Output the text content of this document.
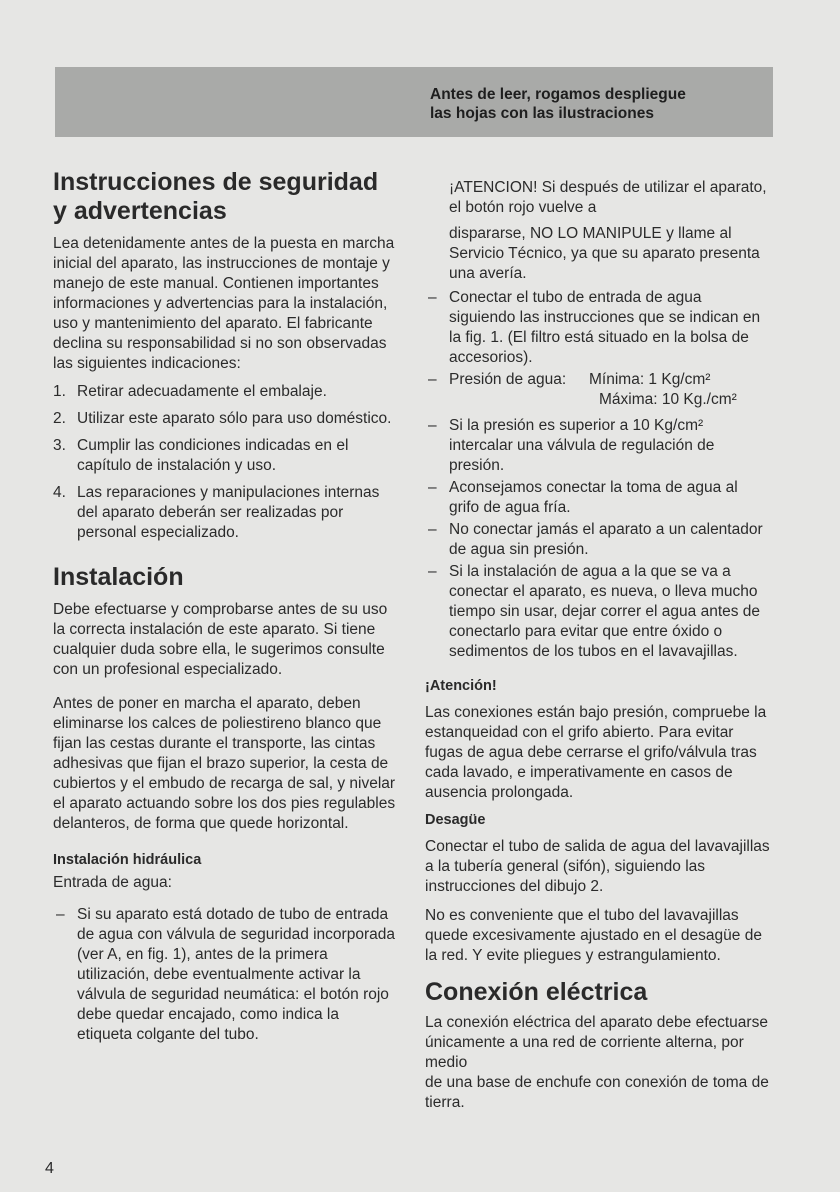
Antes de leer, rogamos despliegue
las hojas con las ilustraciones
Instrucciones de seguridad
y advertencias

Lea detenidamente antes de la puesta en marcha inicial del aparato, las instrucciones de montaje y manejo de este manual. Contienen importantes informaciones y advertencias para la instalación, uso y mantenimiento del aparato. El fabricante declina su responsabilidad si no son observadas las siguientes indicaciones:

1. Retirar adecuadamente el embalaje.
2. Utilizar este aparato sólo para uso doméstico.
3. Cumplir las condiciones indicadas en el capítulo de instalación y uso.
4. Las reparaciones y manipulaciones internas del aparato deberán ser realizadas por personal especializado.
Instalación

Debe efectuarse y comprobarse antes de su uso la correcta instalación de este aparato. Si tiene cualquier duda sobre ella, le sugerimos consulte con un profesional especializado.

Antes de poner en marcha el aparato, deben eliminarse los calces de poliestireno blanco que fijan las cestas durante el transporte, las cintas adhesivas que fijan el brazo superior, la cesta de cubiertos y el embudo de recarga de sal, y nivelar el aparato actuando sobre los dos pies regulables delanteros, de forma que quede horizontal.

Instalación hidráulica

Entrada de agua:

– Si su aparato está dotado de tubo de entrada de agua con válvula de seguridad incorporada (ver A, en fig. 1), antes de la primera utilización, debe eventualmente activar la válvula de seguridad neumática: el botón rojo debe quedar encajado, como indica la etiqueta colgante del tubo.

¡ATENCION! Si después de utilizar el aparato, el botón rojo vuelve a

dispararse, NO LO MANIPULE y llame al Servicio Técnico, ya que su aparato presenta una avería.

– Conectar el tubo de entrada de agua siguiendo las instrucciones que se indican en la fig. 1. (El filtro está situado en la bolsa de accesorios).
– Presión de agua:	Mínima: 1 Kg/cm²
Máxima: 10 Kg./cm²
– Si la presión es superior a 10 Kg/cm² intercalar una válvula de regulación de presión.
– Aconsejamos conectar la toma de agua al grifo de agua fría.
– No conectar jamás el aparato a un calentador de agua sin presión.
– Si la instalación de agua a la que se va a conectar el aparato, es nueva, o lleva mucho tiempo sin usar, dejar correr el agua antes de conectarlo para evitar que entre óxido o sedimentos de los tubos en el lavavajillas.
¡Atención!

Las conexiones están bajo presión, compruebe la estanqueidad con el grifo abierto. Para evitar fugas de agua debe cerrarse el grifo/válvula tras cada lavado, e imperativamente en casos de ausencia prolongada.

Desagüe

Conectar el tubo de salida de agua del lavavajillas a la tubería general (sifón), siguiendo las instrucciones del dibujo 2.

No es conveniente que el tubo del lavavajillas quede excesivamente ajustado en el desagüe de la red. Y evite pliegues y estrangulamiento.

Conexión eléctrica

La conexión eléctrica del aparato debe efectuarse únicamente a una red de corriente alterna, por medio

de una base de enchufe con conexión de toma de tierra.

4
